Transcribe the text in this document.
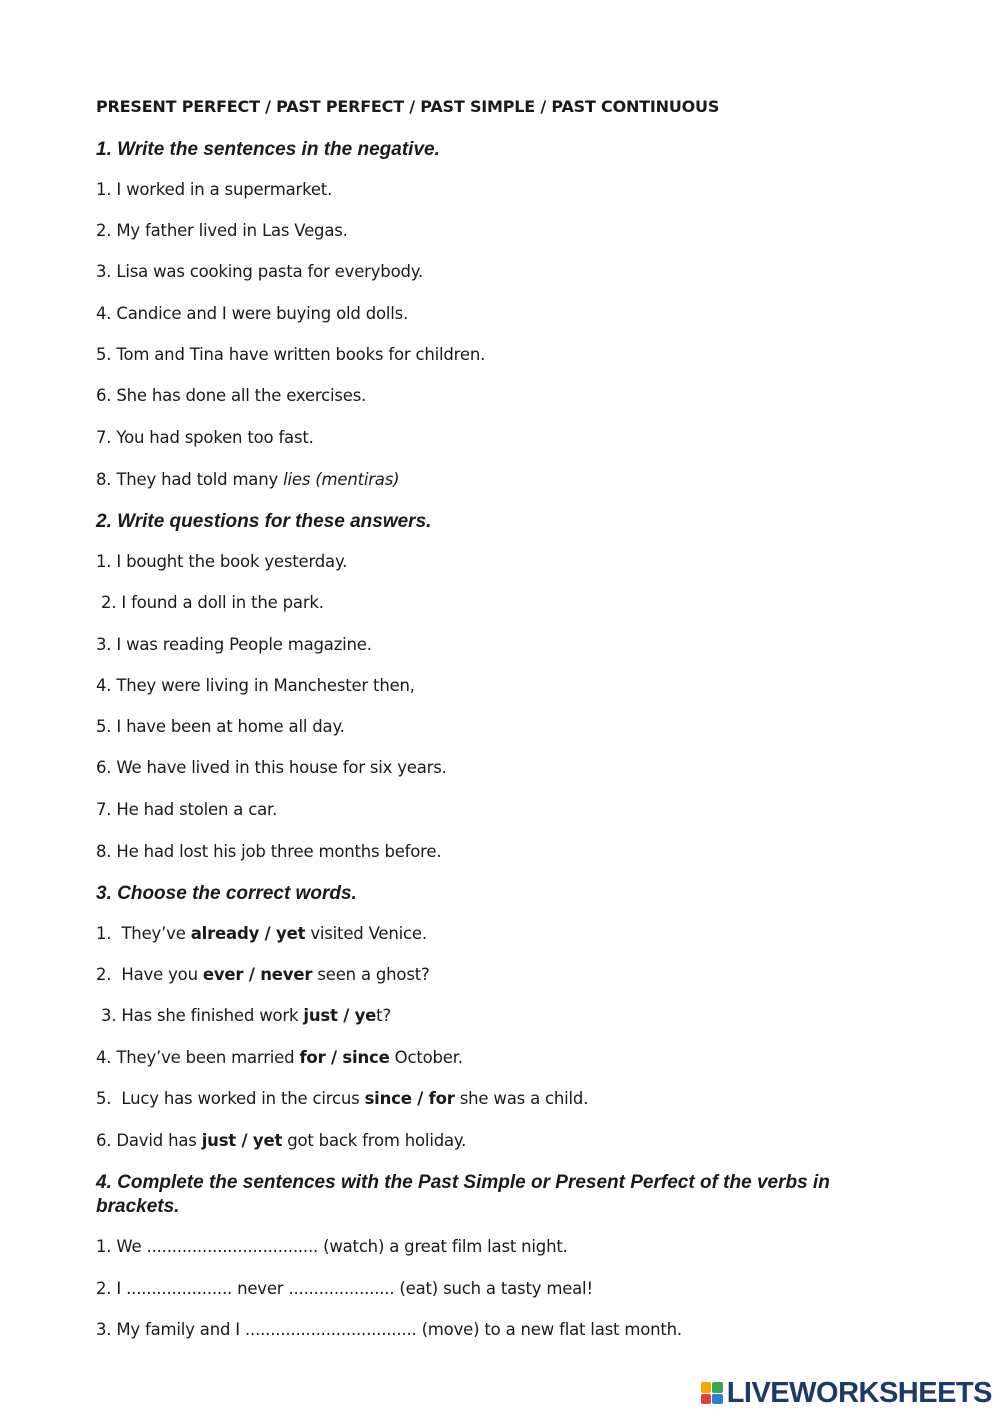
PRESENT PERFECT / PAST PERFECT / PAST SIMPLE / PAST CONTINUOUS
1. Write the sentences in the negative.
1. I worked in a supermarket.
2. My father lived in Las Vegas.
3. Lisa was cooking pasta for everybody.
4. Candice and I were buying old dolls.
5. Tom and Tina have written books for children.
6. She has done all the exercises.
7. You had spoken too fast.
8. They had told many lies (mentiras)
2. Write questions for these answers.
1. I bought the book yesterday.
2. I found a doll in the park.
3. I was reading People magazine.
4. They were living in Manchester then,
5. I have been at home all day.
6. We have lived in this house for six years.
7. He had stolen a car.
8. He had lost his job three months before.
3. Choose the correct words.
1.  They’ve already / yet visited Venice.
2.  Have you ever / never seen a ghost?
3. Has she finished work just / yet?
4. They’ve been married for / since October.
5.  Lucy has worked in the circus since / for she was a child.
6. David has just / yet got back from holiday.
4. Complete the sentences with the Past Simple or Present Perfect of the verbs in brackets.
1. We .................................. (watch) a great film last night.
2. I ..................... never ..................... (eat) such a tasty meal!
3. My family and I .................................. (move) to a new flat last month.
LIVEWORKSHEETS
